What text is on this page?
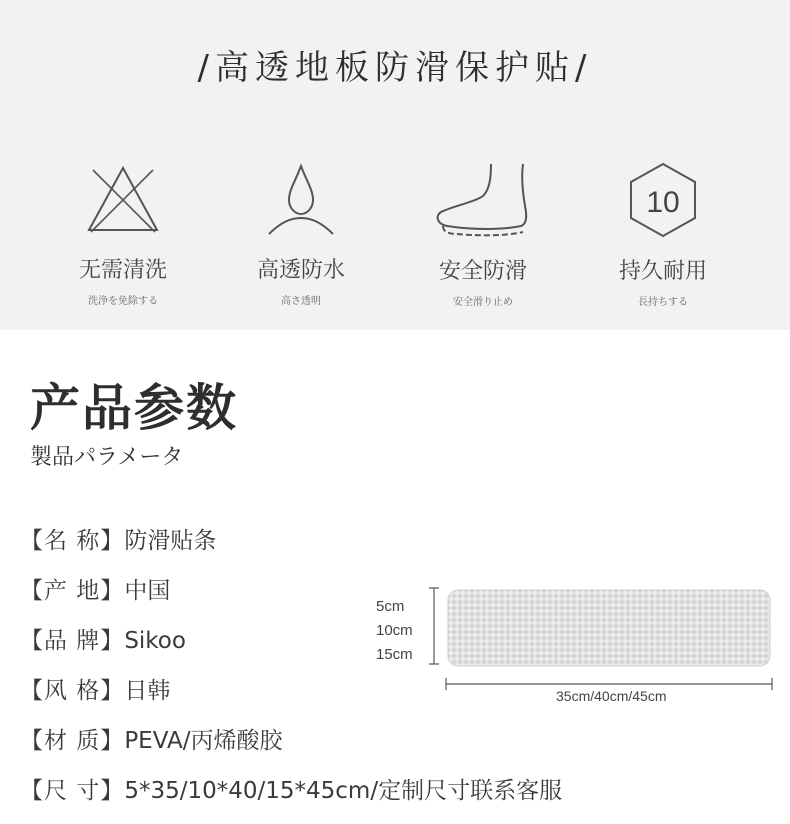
/高透地板防滑保护贴/
无需清洗
洗浄を免除する
高透防水
高さ透明
安全防滑
安全滑り止め
10
持久耐用
長持ちする
产品参数
製品パラメータ
【名 称】防滑贴条
【产 地】中国
【品 牌】Sikoo
【风 格】日韩
【材 质】PEVA/丙烯酸胶
【尺 寸】5*35/10*40/15*45cm/定制尺寸联系客服
5cm
10cm
15cm
35cm/40cm/45cm
